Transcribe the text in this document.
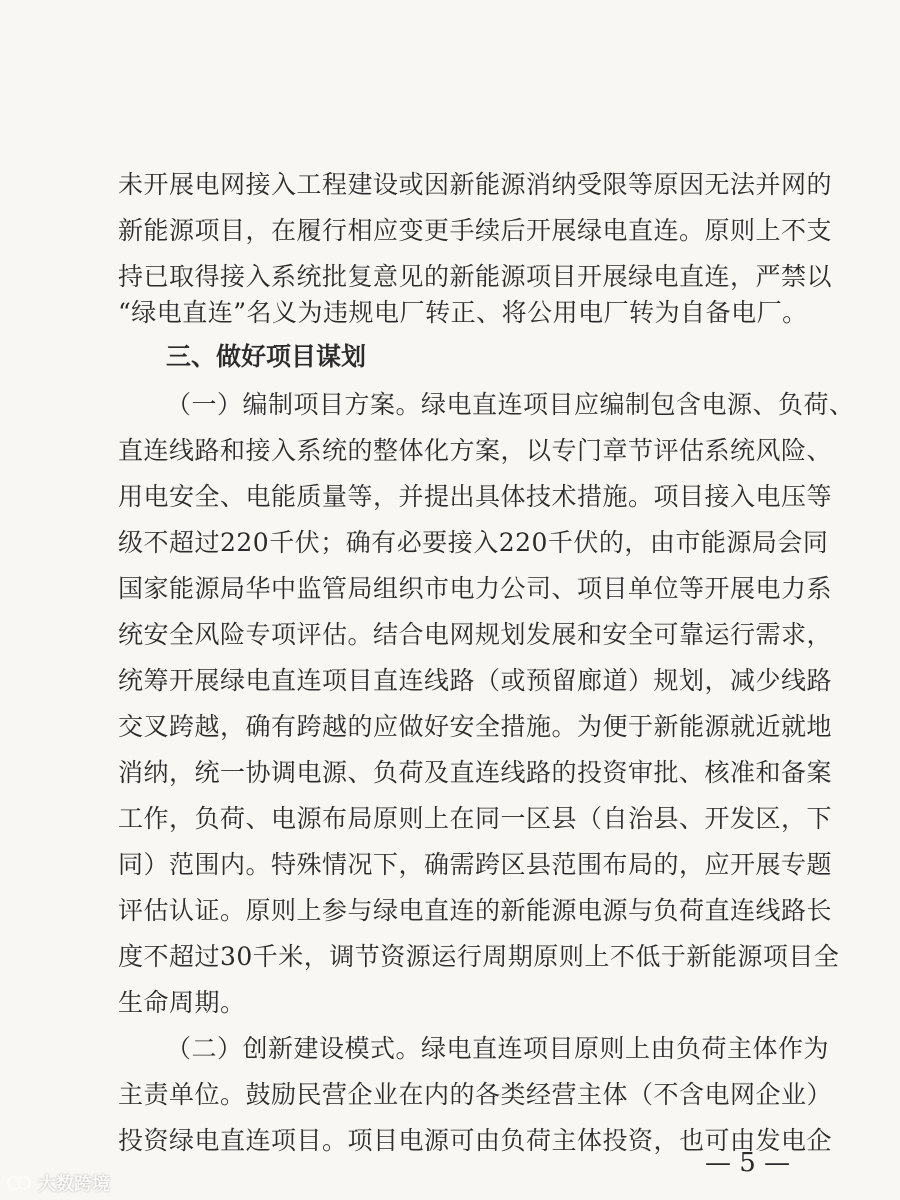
未开展电网接入工程建设或因新能源消纳受限等原因无法并网的
新能源项目，在履行相应变更手续后开展绿电直连。原则上不支
持已取得接入系统批复意见的新能源项目开展绿电直连，严禁以
“绿电直连”名义为违规电厂转正、将公用电厂转为自备电厂。
三、做好项目谋划
（一）编制项目方案。绿电直连项目应编制包含电源、负荷、
直连线路和接入系统的整体化方案，以专门章节评估系统风险、
用电安全、电能质量等，并提出具体技术措施。项目接入电压等
级不超过220千伏；确有必要接入220千伏的，由市能源局会同
国家能源局华中监管局组织市电力公司、项目单位等开展电力系
统安全风险专项评估。结合电网规划发展和安全可靠运行需求，
统筹开展绿电直连项目直连线路（或预留廊道）规划，减少线路
交叉跨越，确有跨越的应做好安全措施。为便于新能源就近就地
消纳，统一协调电源、负荷及直连线路的投资审批、核准和备案
工作，负荷、电源布局原则上在同一区县（自治县、开发区，下
同）范围内。特殊情况下，确需跨区县范围布局的，应开展专题
评估认证。原则上参与绿电直连的新能源电源与负荷直连线路长
度不超过30千米，调节资源运行周期原则上不低于新能源项目全
生命周期。
（二）创新建设模式。绿电直连项目原则上由负荷主体作为
主责单位。鼓励民营企业在内的各类经营主体（不含电网企业）
投资绿电直连项目。项目电源可由负荷主体投资，也可由发电企
— 5 —
大数跨境
